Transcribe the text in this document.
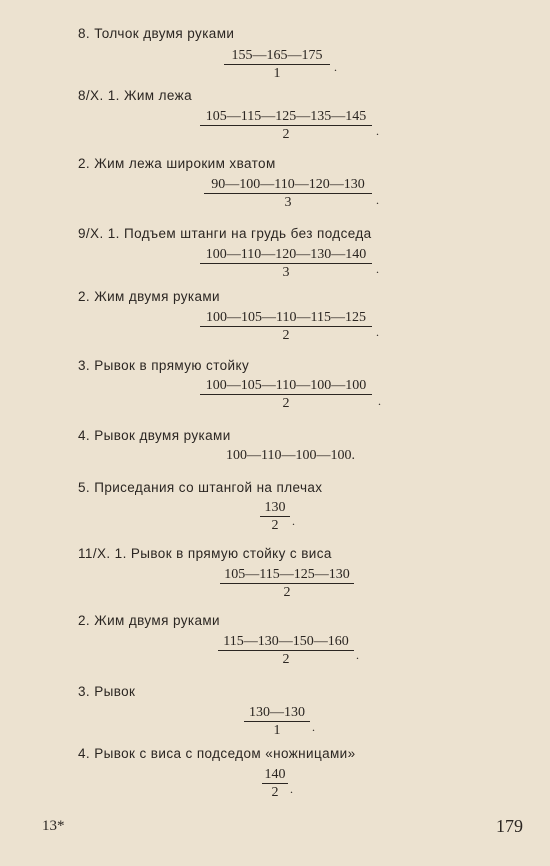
8. Толчок двумя руками
$\frac{155—165—175}{1}$ .
8/X. 1. Жим лежа
$\frac{105—115—125—135—145}{2}$ .
2. Жим лежа широким хватом
$\frac{90—100—110—120—130}{3}$ .
9/X. 1. Подъем штанги на грудь без подседа
$\frac{100—110—120—130—140}{3}$ .
2. Жим двумя руками
$\frac{100—105—110—115—125}{2}$ .
3. Рывок в прямую стойку
$\frac{100—105—110—100—100}{2}$ .
4. Рывок двумя руками
100—110—100—100.
5. Приседания со штангой на плечах
$\frac{130}{2}$ .
11/X. 1. Рывок в прямую стойку с виса
$\frac{105—115—125—130}{2}$
2. Жим двумя руками
$\frac{115—130—150—160}{2}$ .
3. Рывок
$\frac{130—130}{1}$ .
4. Рывок с виса с подседом «ножницами»
$\frac{140}{2}$ .
13*	179
